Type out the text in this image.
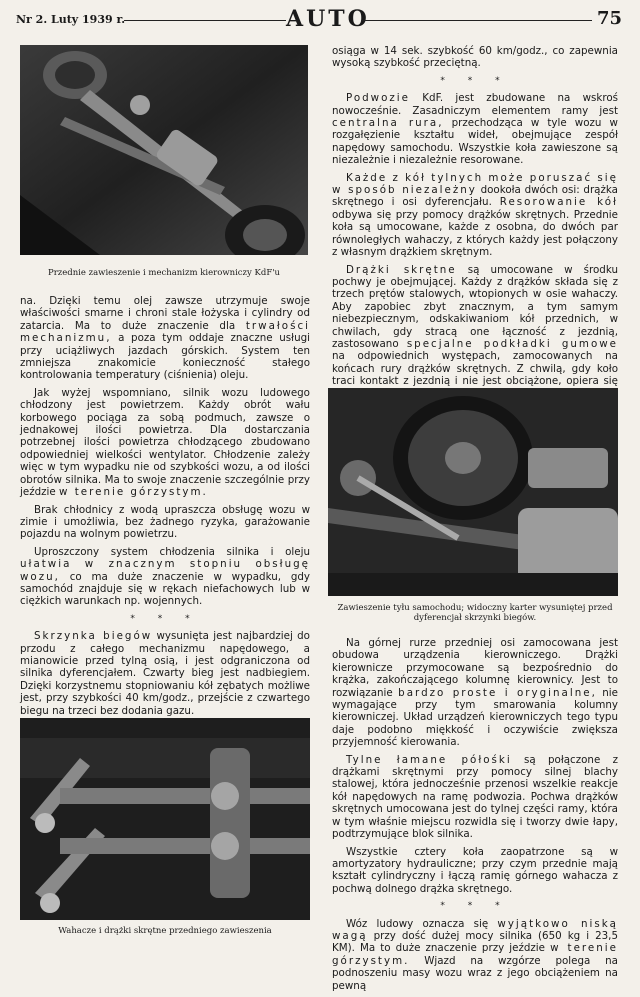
Nr 2. Luty 1939 r.	AUTO	75
Przednie zawieszenie i mechanizm kierowniczy KdF'u

na. Dzięki temu olej zawsze utrzymuje swoje właściwości smarne i chroni stale łożyska i cylindry od zatarcia. Ma to duże znaczenie dla trwałości mechanizmu, a poza tym oddaje znaczne usługi przy uciążliwych jazdach górskich. System ten zmniejsza znakomicie konieczność stałego kontrolowania temperatury (ciśnienia) oleju.

Jak wyżej wspomniano, silnik wozu ludowego chłodzony jest powietrzem. Każdy obrót wału korbowego pociąga za sobą podmuch, zawsze o jednakowej ilości powietrza. Dla dostarczania potrzebnej ilości powietrza chłodzącego zbudowano odpowiedniej wielkości wentylator. Chłodzenie zależy więc w tym wypadku nie od szybkości wozu, a od ilości obrotów silnika. Ma to swoje znaczenie szczególnie przy jeździe w terenie górzystym.

Brak chłodnicy z wodą upraszcza obsługę wozu w zimie i umożliwia, bez żadnego ryzyka, garażowanie pojazdu na wolnym powietrzu.

Uproszczony system chłodzenia silnika i oleju ułatwia w znacznym stopniu obsługę wozu, co ma duże znaczenie w wypadku, gdy samochód znajduje się w rękach niefachowych lub w ciężkich warunkach np. wojennych.

* * *

Skrzynka biegów wysunięta jest najbardziej do przodu z całego mechanizmu napędowego, a mianowicie przed tylną osią, i jest odgraniczona od silnika dyferencjałem. Czwarty bieg jest nadbiegiem. Dzięki korzystnemu stopniowaniu kół zębatych możliwe jest, przy szybkości 40 km/godz., przejście z czwartego biegu na trzeci bez dodania gazu.

Wahacze i drążki skrętne przedniego zawieszenia

osiąga w 14 sek. szybkość 60 km/godz., co zapewnia wysoką szybkość przeciętną.

* * *

Podwozie KdF. jest zbudowane na wskroś nowocześnie. Zasadniczym elementem ramy jest centralna rura, przechodząca w tyle wozu w rozgałęzienie kształtu wideł, obejmujące zespół napędowy samochodu. Wszystkie koła zawieszone są niezależnie i niezależnie resorowane.

Każde z kół tylnych może poruszać się w sposób niezależny dookoła dwóch osi: drążka skrętnego i osi dyferencjału. Resorowanie kół odbywa się przy pomocy drążków skrętnych. Przednie koła są umocowane, każde z osobna, do dwóch par równoległych wahaczy, z których każdy jest połączony z własnym drążkiem skrętnym.

Drążki skrętne są umocowane w środku pochwy je obejmującej. Każdy z drążków składa się z trzech prętów stalowych, wtopionych w osie wahaczy. Aby zapobiec zbyt znacznym, a tym samym niebezpiecznym, odskakiwaniom kół przednich, w chwilach, gdy stracą one łączność z jezdnią, zastosowano specjalne podkładki gumowe na odpowiednich występach, zamocowanych na końcach rury drążków skrętnych. Z chwilą, gdy koło traci kontakt z jezdnią i nie jest obciążone, opiera się

Zawieszenie tyłu samochodu; widoczny karter wysuniętej przed dyferencjał skrzynki biegów.

Na górnej rurze przedniej osi zamocowana jest obudowa urządzenia kierowniczego. Drążki kierownicze przymocowane są bezpośrednio do krążka, zakończającego kolumnę kierownicy. Jest to rozwiązanie bardzo proste i oryginalne, nie wymagające przy tym smarowania kolumny kierowniczej. Układ urządzeń kierowniczych tego typu daje podobno miękkość i oczywiście zwiększa przyjemność kierowania.

Tylne łamane półośki są połączone z drążkami skrętnymi przy pomocy silnej blachy stalowej, która jednocześnie przenosi wszelkie reakcje kół napędowych na ramę podwozia. Pochwa drążków skrętnych umocowana jest do tylnej części ramy, która w tym właśnie miejscu rozwidla się i tworzy dwie łapy, podtrzymujące blok silnika.

Wszystkie cztery koła zaopatrzone są w amortyzatory hydrauliczne; przy czym przednie mają kształt cylindryczny i łączą ramię górnego wahacza z pochwą dolnego drążka skrętnego.

* * *

Wóz ludowy oznacza się wyjątkowo niską wagą przy dość dużej mocy silnika (650 kg i 23,5 KM). Ma to duże znaczenie przy jeździe w terenie górzystym. Wjazd na wzgórze polega na podnoszeniu masy wozu wraz z jego obciążeniem na pewną
